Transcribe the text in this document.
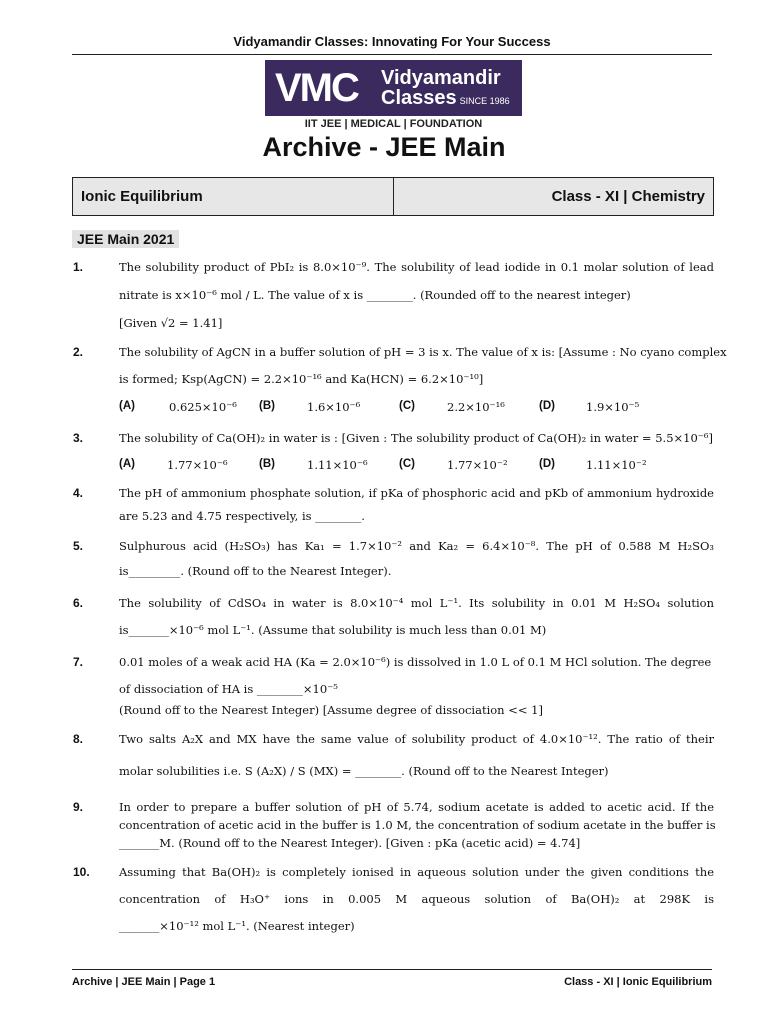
Vidyamandir Classes: Innovating For Your Success
VMC Vidyamandir
Classes SINCE 1986
IIT JEE | MEDICAL | FOUNDATION
Archive - JEE Main
Ionic Equilibrium	Class - XI | Chemistry
JEE Main 2021
1.	The solubility product of PbI₂ is 8.0×10⁻⁹. The solubility of lead iodide in 0.1 molar solution of lead
nitrate is x×10⁻⁶ mol / L. The value of x is ________. (Rounded off to the nearest integer)
[Given √2 = 1.41]
2.	The solubility of AgCN in a buffer solution of pH = 3 is x. The value of x is: [Assume : No cyano complex
is formed; Ksp(AgCN) = 2.2×10⁻¹⁶ and Ka(HCN) = 6.2×10⁻¹⁰]
(A)	0.625×10⁻⁶ (B)	1.6×10⁻⁶	(C)	2.2×10⁻¹⁶	(D)	1.9×10⁻⁵
3.	The solubility of Ca(OH)₂ in water is : [Given : The solubility product of Ca(OH)₂ in water = 5.5×10⁻⁶]
(A)	1.77×10⁻⁶	(B)	1.11×10⁻⁶	(C)	1.77×10⁻²	(D)	1.11×10⁻²
4.	The pH of ammonium phosphate solution, if pKa of phosphoric acid and pKb of ammonium hydroxide
are 5.23 and 4.75 respectively, is ________.
5.	Sulphurous acid (H₂SO₃) has Ka₁ = 1.7×10⁻² and Ka₂ = 6.4×10⁻⁸. The pH of 0.588 M H₂SO₃
is_________. (Round off to the Nearest Integer).
6.	The solubility of CdSO₄ in water is 8.0×10⁻⁴ mol L⁻¹. Its solubility in 0.01 M H₂SO₄ solution
is_______×10⁻⁶ mol L⁻¹. (Assume that solubility is much less than 0.01 M)
7.	0.01 moles of a weak acid HA (Ka = 2.0×10⁻⁶) is dissolved in 1.0 L of 0.1 M HCl solution. The degree
of dissociation of HA is ________×10⁻⁵
(Round off to the Nearest Integer) [Assume degree of dissociation << 1]
8.	Two salts A₂X and MX have the same value of solubility product of 4.0×10⁻¹². The ratio of their
molar solubilities i.e. S (A₂X) / S (MX) = ________. (Round off to the Nearest Integer)
9.	In order to prepare a buffer solution of pH of 5.74, sodium acetate is added to acetic acid. If the
concentration of acetic acid in the buffer is 1.0 M, the concentration of sodium acetate in the buffer is
_______M. (Round off to the Nearest Integer). [Given : pKa (acetic acid) = 4.74]
10.	Assuming that Ba(OH)₂ is completely ionised in aqueous solution under the given conditions the
concentration of H₃O⁺ ions in 0.005 M aqueous solution of Ba(OH)₂ at 298K is
_______×10⁻¹² mol L⁻¹. (Nearest integer)
Archive | JEE Main | Page 1	Class - XI | Ionic Equilibrium
